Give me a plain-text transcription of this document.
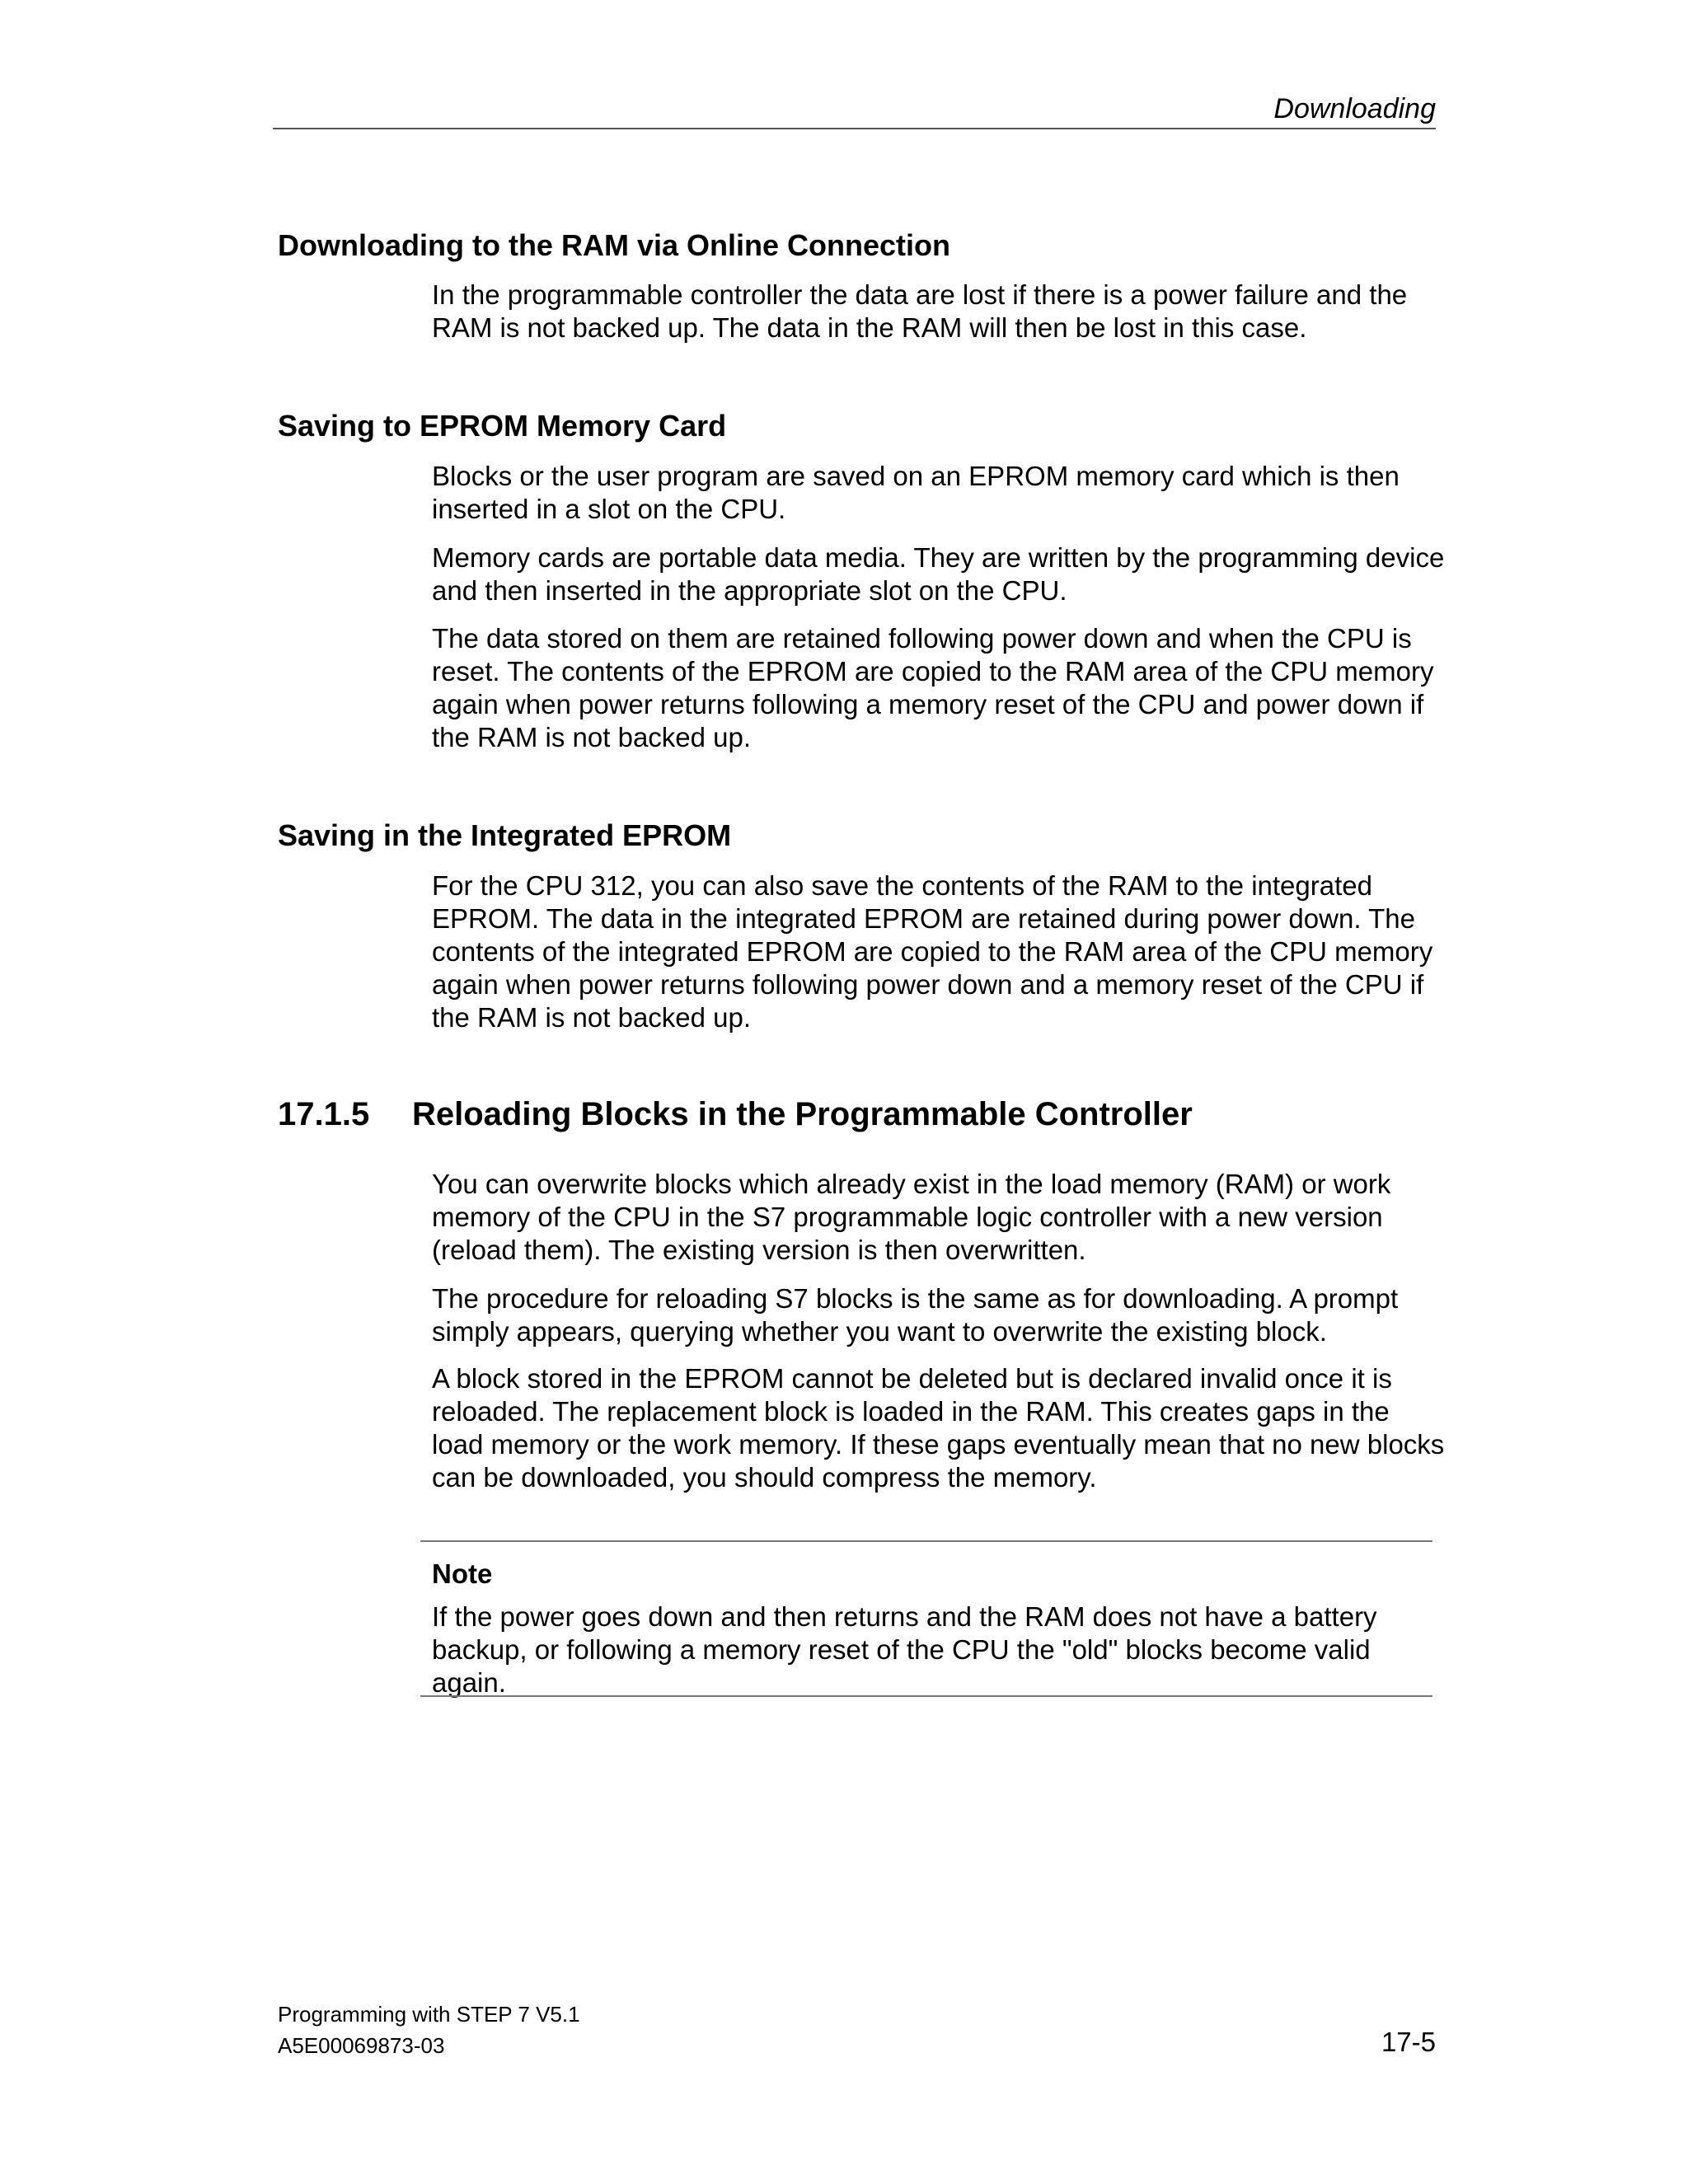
Downloading
Downloading to the RAM via Online Connection

In the programmable controller the data are lost if there is a power failure and the RAM is not backed up. The data in the RAM will then be lost in this case.

Saving to EPROM Memory Card

Blocks or the user program are saved on an EPROM memory card which is then inserted in a slot on the CPU.

Memory cards are portable data media. They are written by the programming device and then inserted in the appropriate slot on the CPU.

The data stored on them are retained following power down and when the CPU is reset. The contents of the EPROM are copied to the RAM area of the CPU memory again when power returns following a memory reset of the CPU and power down if the RAM is not backed up.

Saving in the Integrated EPROM

For the CPU 312, you can also save the contents of the RAM to the integrated EPROM. The data in the integrated EPROM are retained during power down. The contents of the integrated EPROM are copied to the RAM area of the CPU memory again when power returns following power down and a memory reset of the CPU if the RAM is not backed up.

17.1.5 Reloading Blocks in the Programmable Controller

You can overwrite blocks which already exist in the load memory (RAM) or work memory of the CPU in the S7 programmable logic controller with a new version (reload them). The existing version is then overwritten.

The procedure for reloading S7 blocks is the same as for downloading. A prompt simply appears, querying whether you want to overwrite the existing block.

A block stored in the EPROM cannot be deleted but is declared invalid once it is reloaded. The replacement block is loaded in the RAM. This creates gaps in the load memory or the work memory. If these gaps eventually mean that no new blocks can be downloaded, you should compress the memory.

Note

If the power goes down and then returns and the RAM does not have a battery backup, or following a memory reset of the CPU the "old" blocks become valid again.

Programming with STEP 7 V5.1
A5E00069873-03	17-5
